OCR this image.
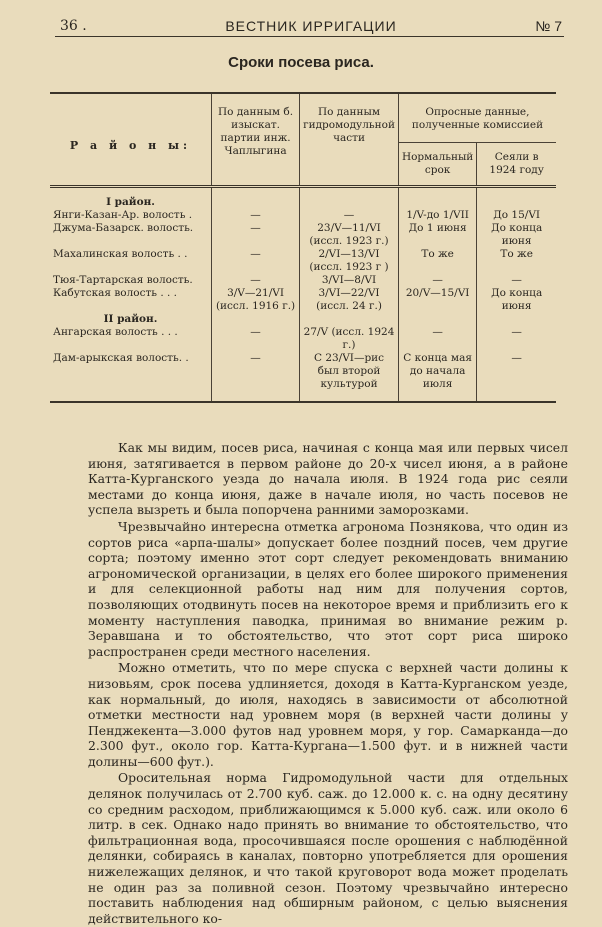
36 .	ВЕСТНИК ИРРИГАЦИИ	№ 7
Сроки посева риса.
Р а й о н ы:	По данным б. изыскат. партии инж. Чаплыгина	По данным гидромодульной части	Опросные данные, полученные комиссией	
			Нормальный срок	Сеяли в 1924 году
I район.				
Янги-Казан-Ар. волость .	—	—	1/V-до 1/VII	До 15/VI
Джума-Базарск. волость.	—	23/V—11/VI (иссл. 1923 г.)	До 1 июня	До конца июня
Махалинская волость . .	—	2/VI—13/VI (иссл. 1923 г )	То же	То же
Тюя-Тартарская волость.	—	3/VI—8/VI	—	—
Кабутская волость . . .	3/V—21/VI (иссл. 1916 г.)	3/VI—22/VI (иссл. 24 г.)	20/V—15/VI	До конца июня
II район.				
Ангарская волость . . .	—	27/V (иссл. 1924 г.)	—	—
Дам-арыкская волость. .	—	С 23/VI—рис был второй культурой	С конца мая до начала июля	—

Как мы видим, посев риса, начиная с конца мая или первых чисел июня, затягивается в первом районе до 20-х чисел июня, а в районе Катта-Курганского уезда до начала июля. В 1924 года рис сеяли местами до конца июня, даже в начале июля, но часть посевов не успела вызреть и была попорчена ранними заморозками.

Чрезвычайно интересна отметка агронома Познякова, что один из сортов риса «арпа-шалы» допускает более поздний посев, чем другие сорта; поэтому именно этот сорт следует рекомендовать вниманию агрономической организации, в целях его более широкого применения и для селекционной работы над ним для получения сортов, позволяющих отодвинуть посев на некоторое время и приблизить его к моменту наступления паводка, принимая во внимание режим р. Зеравшана и то обстоятельство, что этот сорт риса широко распространен среди местного населения.

Можно отметить, что по мере спуска с верхней части долины к низовьям, срок посева удлиняется, доходя в Катта-Курганском уезде, как нормальный, до июля, находясь в зависимости от абсолютной отметки местности над уровнем моря (в верхней части долины у Пенджекента—3.000 футов над уровнем моря, у гор. Самарканда—до 2.300 фут., около гор. Катта-Кургана—1.500 фут. и в нижней части долины—600 фут.).

Оросительная норма Гидромодульной части для отдельных делянок получилась от 2.700 куб. саж. до 12.000 к. с. на одну десятину со средним расходом, приближающимся к 5.000 куб. саж. или около 6 литр. в сек. Однако надо принять во внимание то обстоятельство, что фильтрационная вода, просочившаяся после орошения с наблюдённой делянки, собираясь в каналах, повторно употребляется для орошения нижележащих делянок, и что такой круговорот вода может проделать не один раз за поливной сезон. Поэтому чрезвычайно интересно поставить наблюдения над обширным районом, с целью выяснения действительного ко-
